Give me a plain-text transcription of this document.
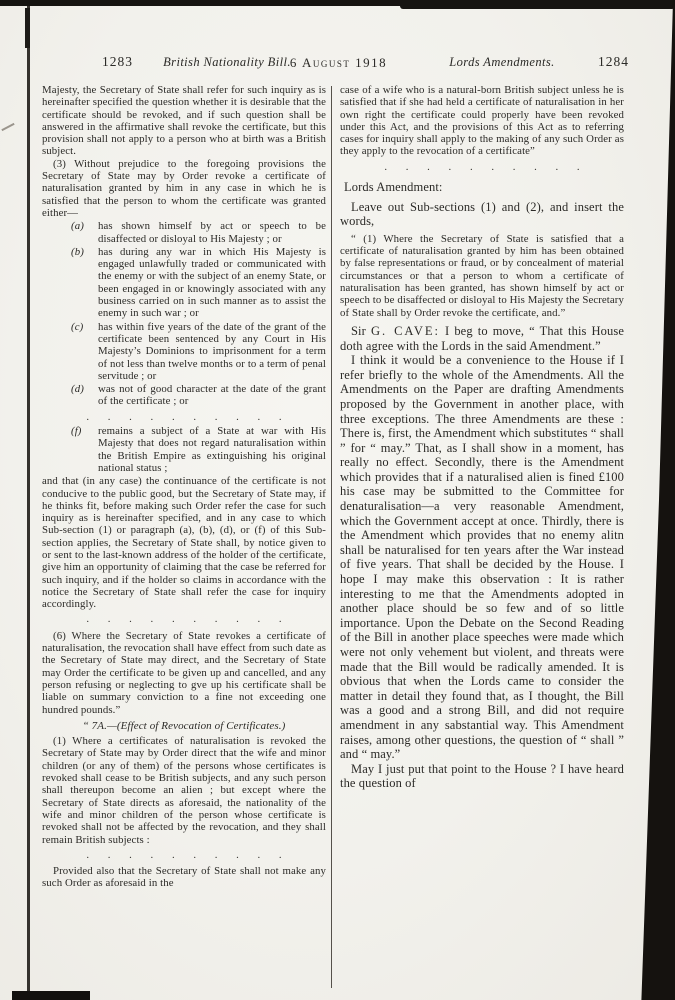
1283	British Nationality Bill. 6 August 1918	Lords Amendments.	1284

Majesty, the Secretary of State shall refer for such inquiry as is hereinafter specified the question whether it is desirable that the certificate should be revoked, and if such question shall be answered in the affirmative shall revoke the certificate, but this provision shall not apply to a person who at birth was a British subject.

(3) Without prejudice to the foregoing provisions the Secretary of State may by Order revoke a certificate of naturalisation granted by him in any case in which he is satisfied that the person to whom the certificate was granted either—

(a) has shown himself by act or speech to be disaffected or disloyal to His Majesty ; or

(b) has during any war in which His Majesty is engaged unlawfully traded or communicated with the enemy or with the subject of an enemy State, or been engaged in or knowingly associated with any business carried on in such manner as to assist the enemy in such war ; or

(c) has within five years of the date of the grant of the certificate been sentenced by any Court in His Majesty’s Dominions to imprisonment for a term of not less than twelve months or to a term of penal servitude ; or

(d) was not of good character at the date of the grant of the certificate ; or

. . . . . . . . . .

(f) remains a subject of a State at war with His Majesty that does not regard naturalisation within the British Empire as extinguishing his original national status ;

and that (in any case) the continuance of the certificate is not conducive to the public good, but the Secretary of State may, if he thinks fit, before making such Order refer the case for such inquiry as is hereinafter specified, and in any case to which Sub-section (1) or paragraph (a), (b), (d), or (f) of this Sub-section applies, the Secretary of State shall, by notice given to or sent to the last-known address of the holder of the certificate, give him an opportunity of claiming that the case be referred for such inquiry, and if the holder so claims in accordance with the notice the Secretary of State shall refer the case for inquiry accordingly.

. . . . . . . . . .

(6) Where the Secretary of State revokes a certificate of naturalisation, the revocation shall have effect from such date as the Secretary of State may direct, and the Secretary of State may Order the certificate to be given up and cancelled, and any person refusing or neglecting to gve up his certificate shall be liable on summary conviction to a fine not exceeding one hundred pounds.”

“ 7A.—(Effect of Revocation of Certificates.)

(1) Where a certificates of naturalisation is revoked the Secretary of State may by Order direct that the wife and minor children (or any of them) of the persons whose certificates is revoked shall cease to be British subjects, and any such person shall thereupon become an alien ; but except where the Secretary of State directs as aforesaid, the nationality of the wife and minor children of the person whose certificate is revoked shall not be affected by the revocation, and they shall remain British subjects :

. . . . . . . . . .

Provided also that the Secretary of State shall not make any such Order as aforesaid in the

case of a wife who is a natural-born British subject unless he is satisfied that if she had held a certificate of naturalisation in her own right the certificate could properly have been revoked under this Act, and the provisions of this Act as to referring cases for inquiry shall apply to the making of any such Order as they apply to the revocation of a certificate”

. . . . . . . . . .

Lords Amendment:

Leave out Sub-sections (1) and (2), and insert the words,

“ (1) Where the Secretary of State is satisfied that a certificate of naturalisation granted by him has been obtained by false representations or fraud, or by concealment of material circumstances or that a person to whom a certificate of naturalisation has been granted, has shown himself by act or speech to be disaffected or disloyal to His Majesty the Secretary of State shall by Order revoke the certificate, and.”

Sir G. CAVE: I beg to move, “ That this House doth agree with the Lords in the said Amendment.”

I think it would be a convenience to the House if I refer briefly to the whole of the Amendments. All the Amendments on the Paper are drafting Amendments proposed by the Government in another place, with three exceptions. The three Amendments are these : There is, first, the Amendment which substitutes “ shall ” for “ may.” That, as I shall show in a moment, has really no effect. Secondly, there is the Amendment which provides that if a naturalised alien is fined £100 his case may be submitted to the Committee for denaturalisation—a very reasonable Amendment, which the Government accept at once. Thirdly, there is the Amendment which provides that no enemy alitn shall be naturalised for ten years after the War instead of five years. That shall be decided by the House. I hope I may make this observation : It is rather interesting to me that the Amendments adopted in another place should be so few and of so little importance. Upon the Debate on the Second Reading of the Bill in another place speeches were made which were not only vehement but violent, and threats were made that the Bill would be radically amended. It is obvious that when the Lords came to consider the matter in detail they found that, as I thought, the Bill was a good and a strong Bill, and did not require amendment in any sabstantial way. This Amendment raises, among other questions, the question of “ shall ” and “ may.”

May I just put that point to the House ? I have heard the question of
